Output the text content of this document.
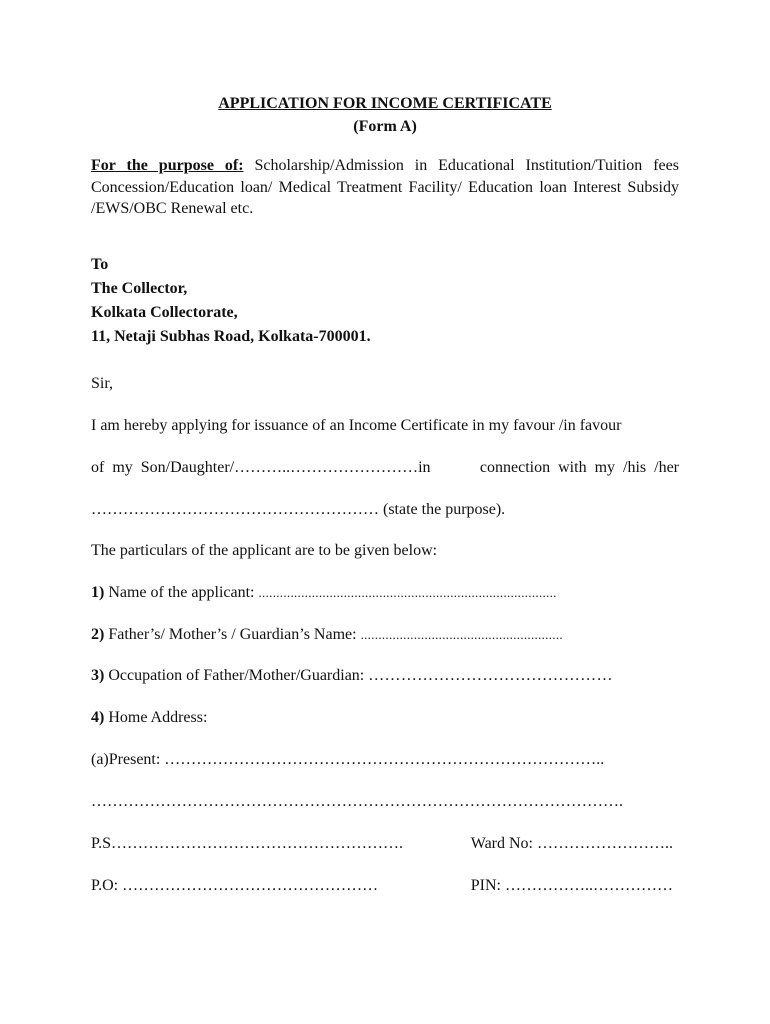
APPLICATION FOR INCOME CERTIFICATE
(Form A)
For the purpose of: Scholarship/Admission in Educational Institution/Tuition fees Concession/Education loan/ Medical Treatment Facility/ Education loan Interest Subsidy /EWS/OBC Renewal etc.
To
The Collector,
Kolkata Collectorate,
11, Netaji Subhas Road, Kolkata-700001.
Sir,
I am hereby applying for issuance of an Income Certificate in my favour /in favour
of  my  Son/Daughter/………..……………………in	connection  with  my  /his  /her
……………………………………………… (state the purpose).
The particulars of the applicant are to be given below:
1) Name of the applicant: ....................................................................................
2) Father’s/ Mother’s / Guardian’s Name: .........................................................
3) Occupation of Father/Mother/Guardian: ………………………………………
4) Home Address:
(a)Present: ………………………………………………………………………..
……………………………………………………………………………………….
P.S……………………………………………….	Ward No: ……………………..
P.O: …………………………………………	PIN: ……………..……………
